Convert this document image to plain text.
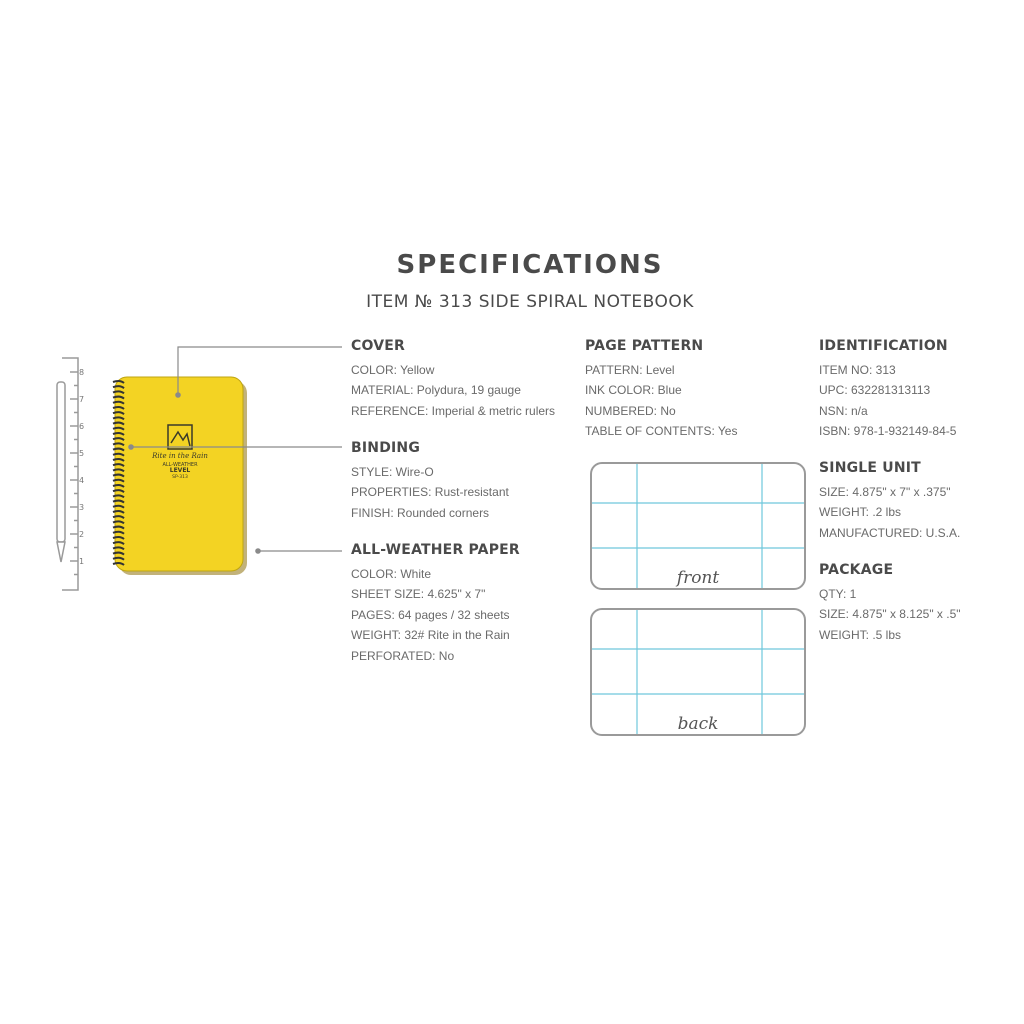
SPECIFICATIONS
ITEM № 313 SIDE SPIRAL NOTEBOOK
8
7
6
5
4
3
2
1
Rite in the Rain
ALL-WEATHER
LEVEL
SP-313
COVER
COLOR: Yellow
MATERIAL: Polydura, 19 gauge
REFERENCE: Imperial & metric rulers
BINDING
STYLE: Wire-O
PROPERTIES: Rust-resistant
FINISH: Rounded corners
ALL-WEATHER PAPER
COLOR: White
SHEET SIZE: 4.625" x 7"
PAGES: 64 pages / 32 sheets
WEIGHT: 32# Rite in the Rain
PERFORATED: No
PAGE PATTERN
PATTERN: Level
INK COLOR: Blue
NUMBERED: No
TABLE OF CONTENTS: Yes
front
back
IDENTIFICATION
ITEM NO: 313
UPC: 632281313113
NSN: n/a
ISBN: 978-1-932149-84-5
SINGLE UNIT
SIZE: 4.875" x 7" x .375"
WEIGHT: .2 lbs
MANUFACTURED: U.S.A.
PACKAGE
QTY: 1
SIZE: 4.875" x 8.125" x .5"
WEIGHT: .5 lbs
